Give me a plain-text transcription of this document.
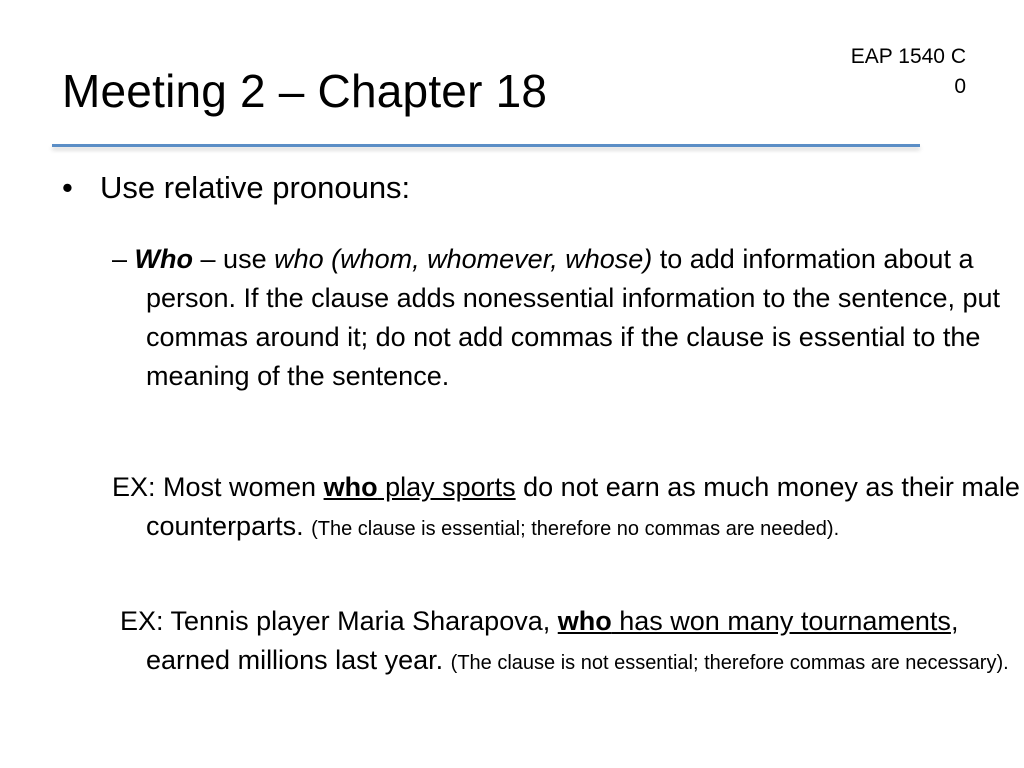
EAP 1540 C
0
Meeting 2 – Chapter 18
• Use relative pronouns:
– Who – use who (whom, whomever, whose) to add information about a person. If the clause adds nonessential information to the sentence, put commas around it; do not add commas if the clause is essential to the meaning of the sentence.
EX: Most women who play sports do not earn as much money as their male counterparts. (The clause is essential; therefore no commas are needed).
EX: Tennis player Maria Sharapova, who has won many tournaments, earned millions last year. (The clause is not essential; therefore commas are necessary).
